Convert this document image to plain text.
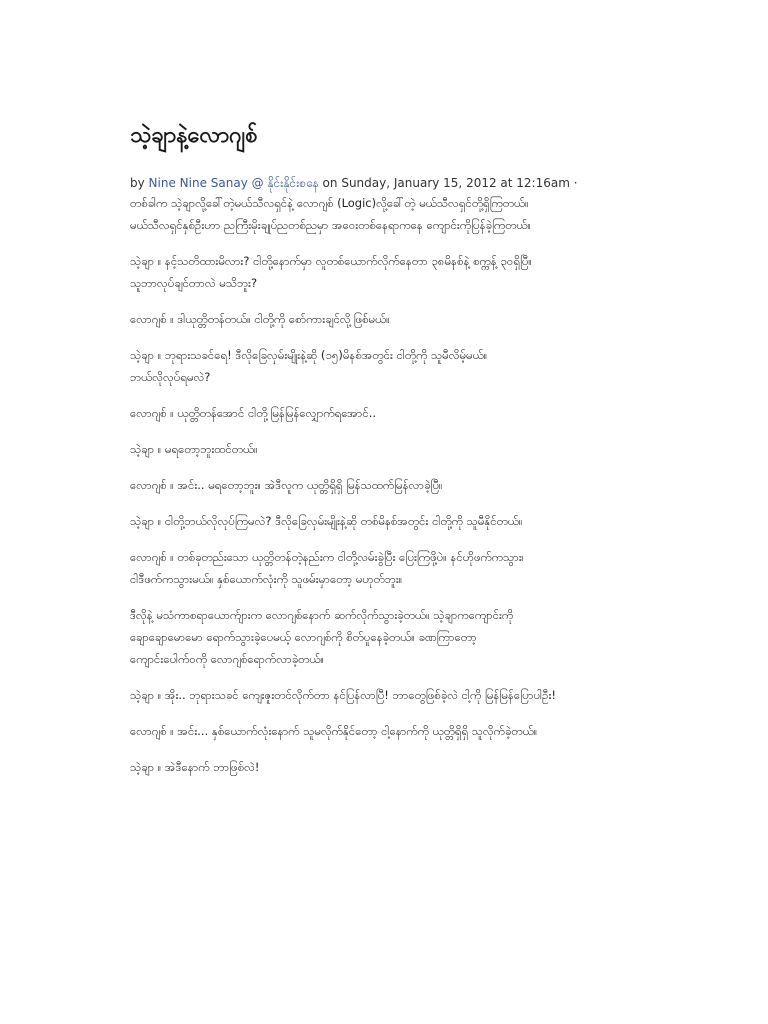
သဲ့ချာနဲ့လောဂျစ်
by Nine Nine Sanay @ နိုင်းနိုင်းစနေ on Sunday, January 15, 2012 at 12:16am ·
တစ်ခါက သဲ့ချာလို့ခေါ်တဲ့မယ်သီလရှင်နဲ့ လောဂျစ် (Logic)လို့ခေါ်တဲ့ မယ်သီလရှင်တို့ရှိကြတယ်။
မယ်သီလရှင်နှစ်ဦးဟာ ညကြီးမိုးချုပ်ညတစ်ညမှာ အဝေးတစ်နေရာကနေ ကျောင်းကိုပြန်ခဲ့ကြတယ်။
သဲ့ချာ ။ နင့်သတိထားမိလား? ငါတို့နောက်မှာ လူတစ်ယောက်လိုက်နေတာ ၃၈မိနစ်နဲ့ စက္ကန့် ၃၀ရှိပြီ။
သူဘာလုပ်ချင်တာလဲ မသိဘူး?
လောဂျစ် ။ ဒါယုတ္တိတန်တယ်။ ငါတို့ကို စော်ကားချင်လို့ဖြစ်မယ်။
သဲ့ချာ ။ ဘုရားသခင်ရေ! ဒီလိုခြေလှမ်းမျိုးနဲ့ဆို (၁၅)မိနစ်အတွင်း ငါတို့ကို သူမီလိမ့်မယ်။
ဘယ်လိုလုပ်ရမလဲ?
လောဂျစ် ။ ယုတ္တိတန်အောင် ငါတို့မြန်မြန်လျှောက်ရအောင်..
သဲ့ချာ ။ မရတော့ဘူးထင်တယ်။
လောဂျစ် ။ အင်း.. မရတော့ဘူး။ အဲဒီလူက ယုတ္တိရှိရှိ မြန်သထက်မြန်လာခဲ့ပြီ။
သဲ့ချာ ။ ငါတို့ဘယ်လိုလုပ်ကြမလဲ? ဒီလိုခြေလှမ်းမျိုးနဲ့ဆို တစ်မိနစ်အတွင်း ငါတို့ကို သူမီနိုင်တယ်။
လောဂျစ် ။ တစ်ခုတည်းသော ယုတ္တိတန်တဲ့နည်းက ငါတို့လမ်းခွဲပြီး ပြေးကြဖို့ပဲ။ နင်ဟိုဖက်ကသွား၊
ငါဒီဖက်ကသွားမယ်။ နှစ်ယောက်လုံးကို သူဖမ်းမှာတော့ မဟုတ်ဘူး။
ဒီလိုနဲ့ မသံကာစရာယောက်ျားက လောဂျစ်နောက် ဆက်လိုက်သွားခဲ့တယ်။ သဲ့ချာကကျောင်းကို
ချောချောမောမော ရောက်သွားခဲ့ပေမယ့် လောဂျစ်ကို စိတ်ပူနေခဲ့တယ်။ ခဏကြာတော့
ကျောင်းပေါက်ဝကို လောဂျစ်ရောက်လာခဲ့တယ်။
သဲ့ချာ ။ အိုး.. ဘုရားသခင် ကျေးဇူးတင်လိုက်တာ နင်ပြန်လာပြီ! ဘာတွေဖြစ်ခဲ့လဲ ငါ့ကို မြန်မြန်ပြောပါဦး!
လောဂျစ် ။ အင်း... နှစ်ယောက်လုံးနောက် သူမလိုက်နိုင်တော့ ငါ့နောက်ကို ယုတ္တိရှိရှိ သူလိုက်ခဲ့တယ်။
သဲ့ချာ ။ အဲဒီနောက် ဘာဖြစ်လဲ!
